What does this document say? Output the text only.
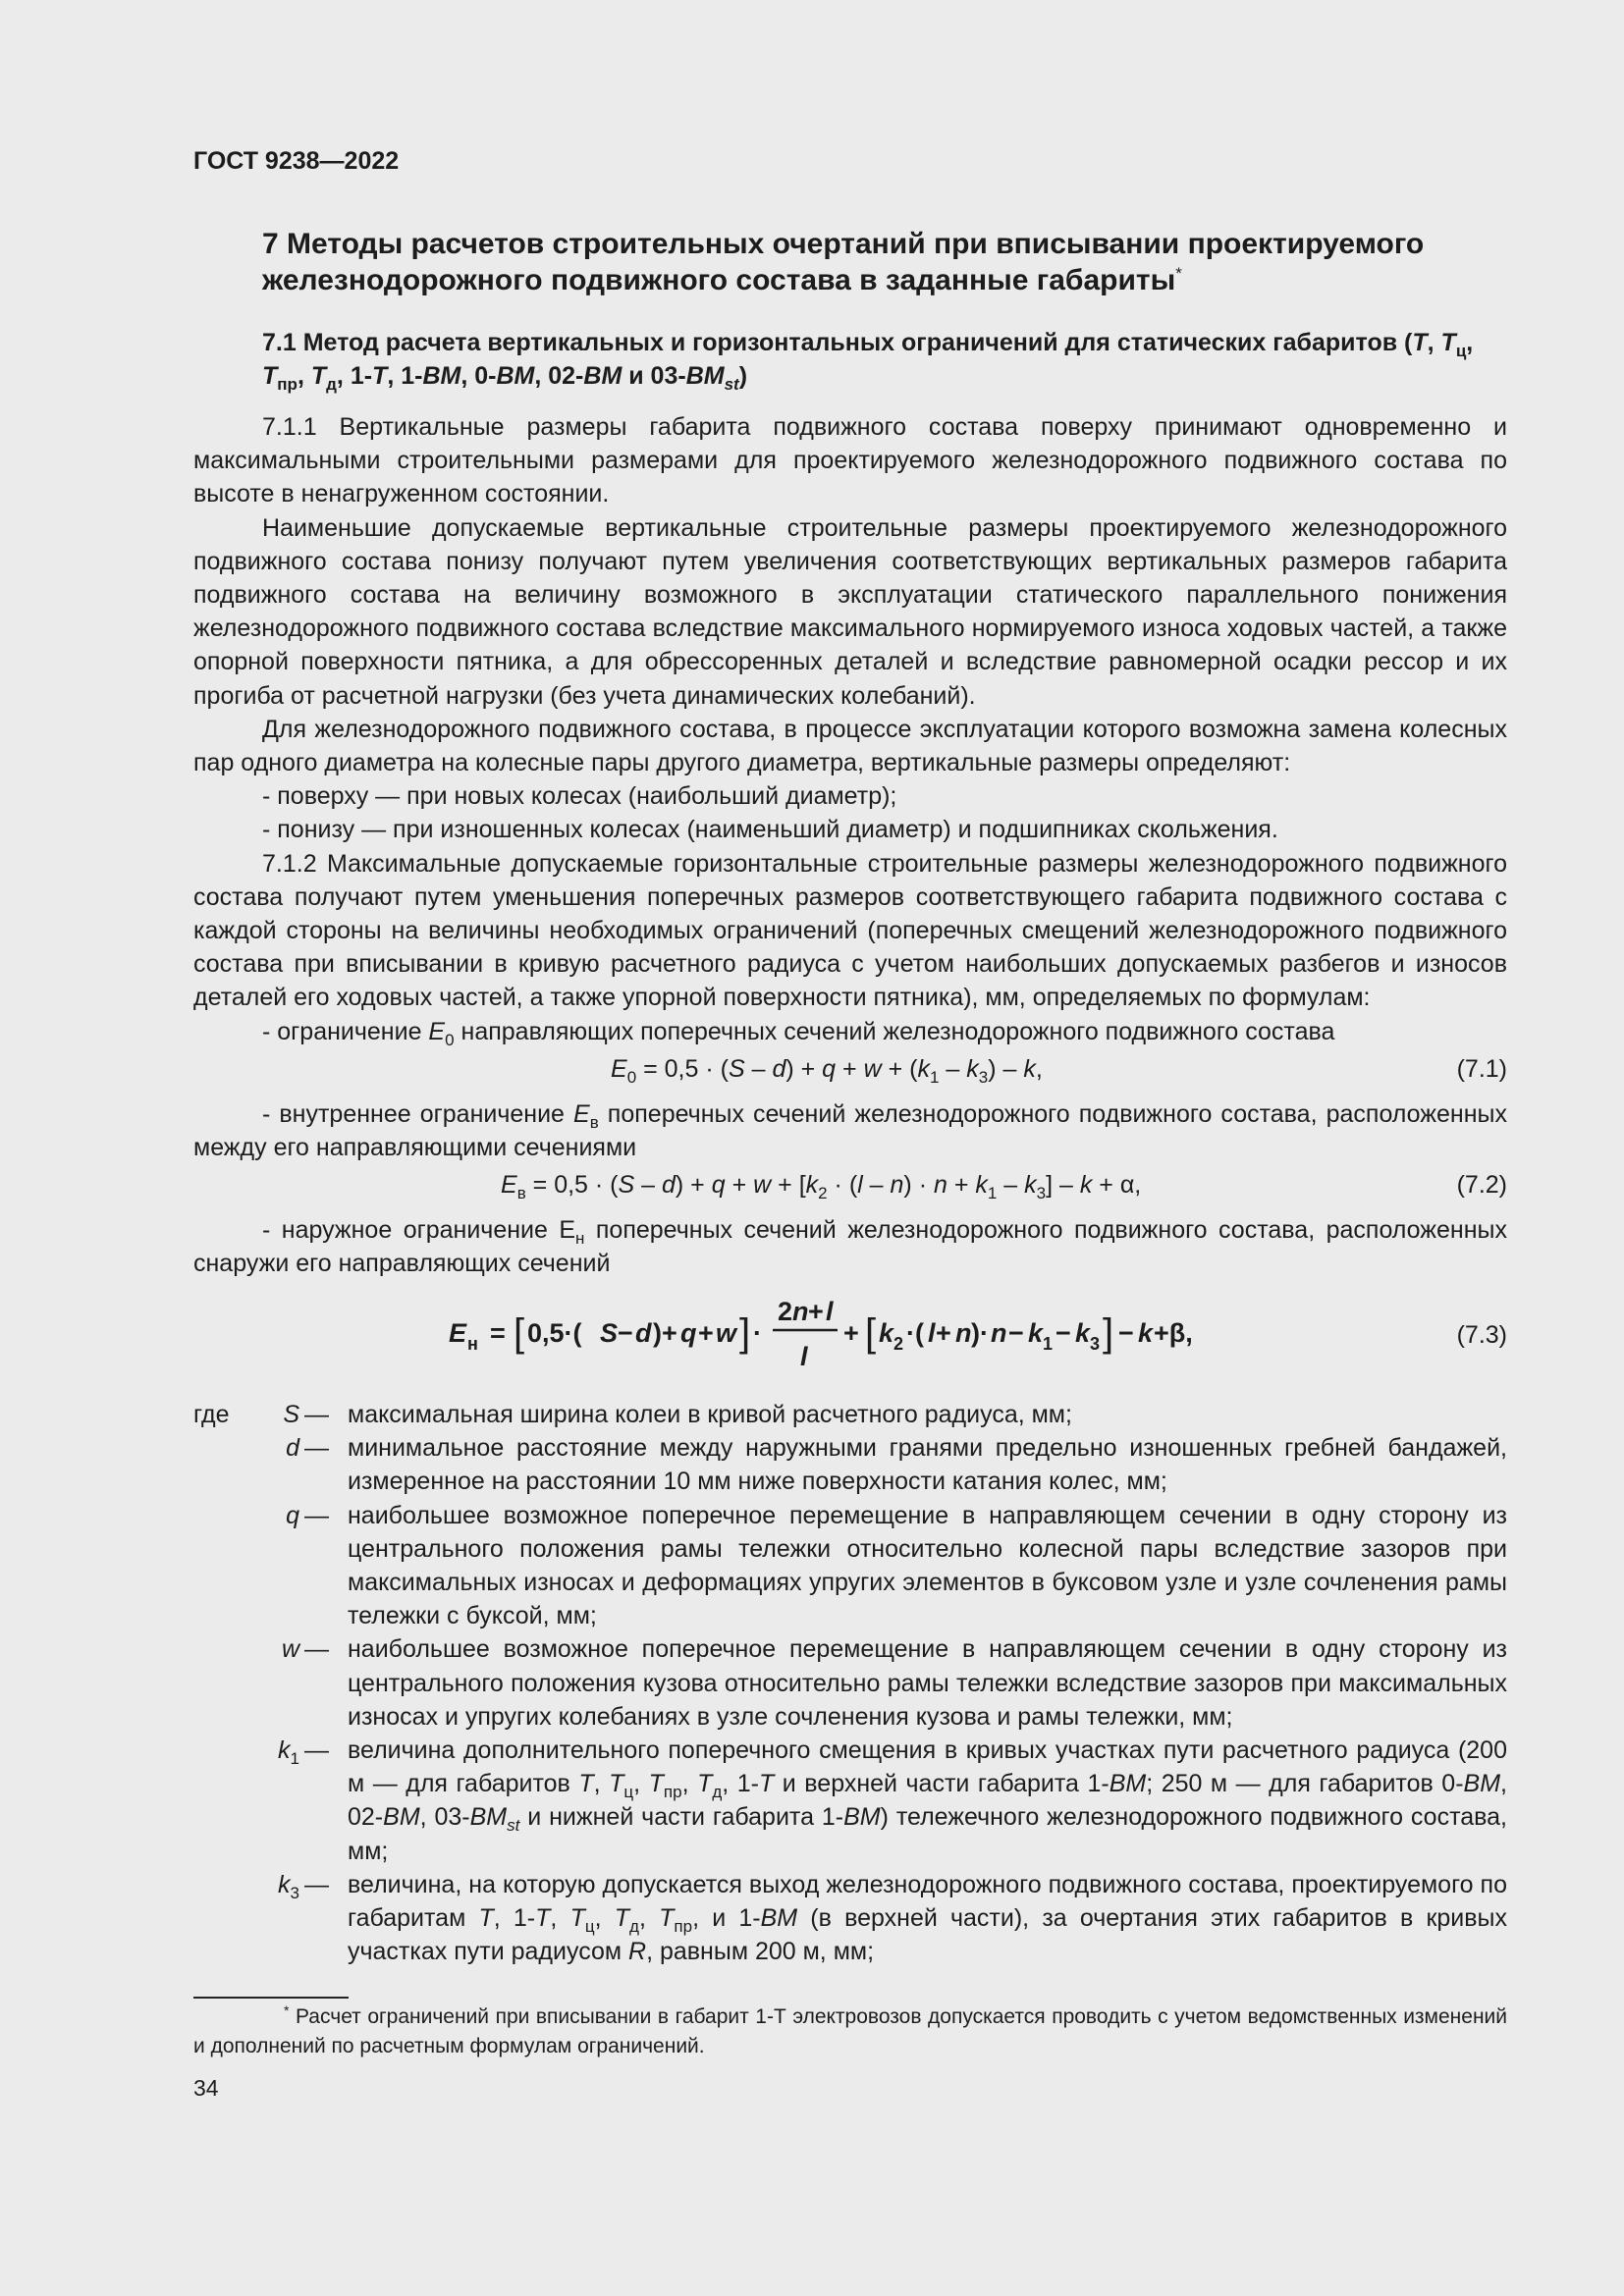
ГОСТ 9238—2022
7 Методы расчетов строительных очертаний при вписывании проектируемого железнодорожного подвижного состава в заданные габариты*
7.1 Метод расчета вертикальных и горизонтальных ограничений для статических габаритов (Т, $Т_ц$, $Т_{пр}$, $Т_д$, 1-Т, 1-ВМ, 0-ВМ, 02-ВМ и $03-ВМ_{st}$)

7.1.1 Вертикальные размеры габарита подвижного состава поверху принимают одновременно и максимальными строительными размерами для проектируемого железнодорожного подвижного состава по высоте в ненагруженном состоянии.

Наименьшие допускаемые вертикальные строительные размеры проектируемого железнодорожного подвижного состава понизу получают путем увеличения соответствующих вертикальных размеров габарита подвижного состава на величину возможного в эксплуатации статического параллельного понижения железнодорожного подвижного состава вследствие максимального нормируемого износа ходовых частей, а также опорной поверхности пятника, а для обрессоренных деталей и вследствие равномерной осадки рессор и их прогиба от расчетной нагрузки (без учета динамических колебаний).

Для железнодорожного подвижного состава, в процессе эксплуатации которого возможна замена колесных пар одного диаметра на колесные пары другого диаметра, вертикальные размеры определяют:

- поверху — при новых колесах (наибольший диаметр);

- понизу — при изношенных колесах (наименьший диаметр) и подшипниках скольжения.

7.1.2 Максимальные допускаемые горизонтальные строительные размеры железнодорожного подвижного состава получают путем уменьшения поперечных размеров соответствующего габарита подвижного состава с каждой стороны на величины необходимых ограничений (поперечных смещений железнодорожного подвижного состава при вписывании в кривую расчетного радиуса с учетом наибольших допускаемых разбегов и износов деталей его ходовых частей, а также упорной поверхности пятника), мм, определяемых по формулам:

- ограничение $E_0$ направляющих поперечных сечений железнодорожного подвижного состава

$E_0 = 0,5 \cdot (S - d) + q + w + (k_1 - k_3) - k$,	(7.1)

- внутреннее ограничение $E_в$ поперечных сечений железнодорожного подвижного состава, расположенных между его направляющими сечениями

$E_в = 0,5 \cdot (S - d) + q + w + [k_2 \cdot (l - n) \cdot n + k_1 - k_3] - k + \alpha$,	(7.2)

- наружное ограничение $Е_н$ поперечных сечений железнодорожного подвижного состава, расположенных снаружи его направляющих сечений

E н = [ 0,5·( S − d )+ q + w ] ·
2 n + l
l
+ [ k 2 ·( l + n )· n − k 1 − k 3 ] − k +β,	(7.3)
где	S — максимальная ширина колеи в кривой расчетного радиуса, мм;
d — минимальное расстояние между наружными гранями предельно изношенных гребней бандажей, измеренное на расстоянии 10 мм ниже поверхности катания колес, мм;
q — наибольшее возможное поперечное перемещение в направляющем сечении в одну сторону из центрального положения рамы тележки относительно колесной пары вследствие зазоров при максимальных износах и деформациях упругих элементов в буксовом узле и узле сочленения рамы тележки с буксой, мм;
w — наибольшее возможное поперечное перемещение в направляющем сечении в одну сторону из центрального положения кузова относительно рамы тележки вследствие зазоров при максимальных износах и упругих колебаниях в узле сочленения кузова и рамы тележки, мм;
$k_1$ — величина дополнительного поперечного смещения в кривых участках пути расчетного радиуса (200 м — для габаритов Т, $Т_ц$, $Т_{пр}$, $Т_д$, 1-Т и верхней части габарита 1-ВМ; 250 м — для габаритов 0-ВМ, 02-ВМ, $03-ВМ_{st}$ и нижней части габарита 1-ВМ) тележечного железнодорожного подвижного состава, мм;
$k_3$ — величина, на которую допускается выход железнодорожного подвижного состава, проектируемого по габаритам Т, 1-Т, $Т_ц$, $Т_д$, $Т_{пр}$, и 1-ВМ (в верхней части), за очертания этих габаритов в кривых участках пути радиусом R, равным 200 м, мм;
* Расчет ограничений при вписывании в габарит 1-Т электровозов допускается проводить с учетом ведомственных изменений и дополнений по расчетным формулам ограничений.
34
